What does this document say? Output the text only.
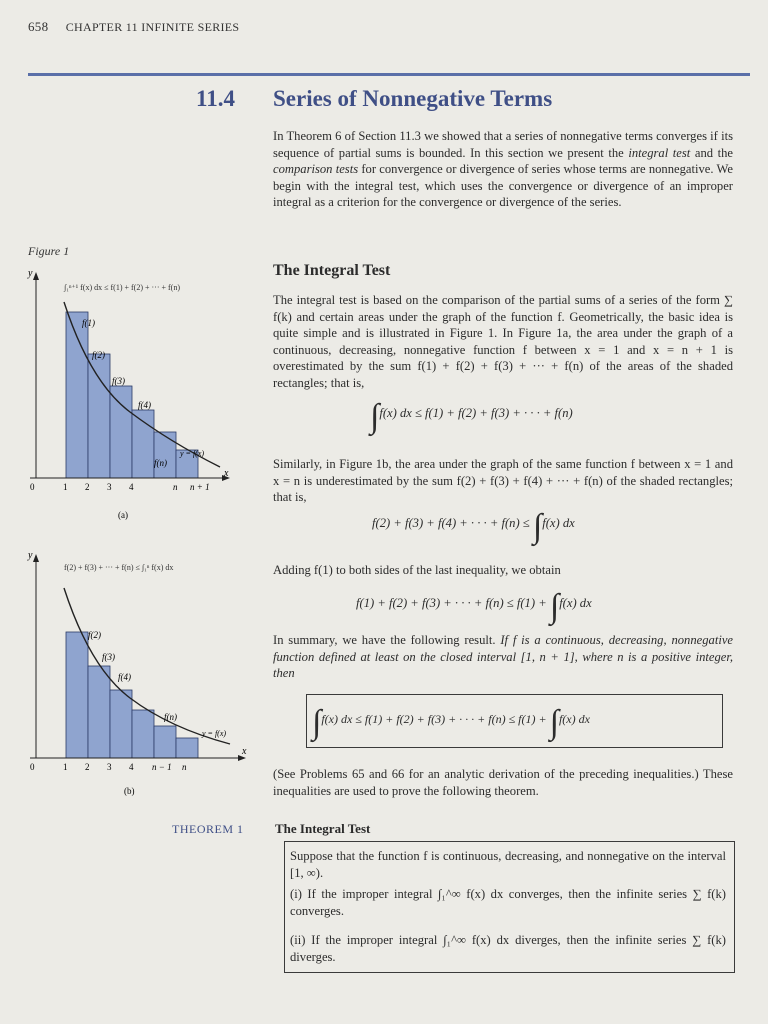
658 CHAPTER 11 INFINITE SERIES
11.4 Series of Nonnegative Terms
In Theorem 6 of Section 11.3 we showed that a series of nonnegative terms converges if its sequence of partial sums is bounded. In this section we present the integral test and the comparison tests for convergence or divergence of series whose terms are nonnegative. We begin with the integral test, which uses the convergence or divergence of an improper integral as a criterion for the convergence or divergence of the series.
Figure 1
y
x
∫₁ⁿ⁺¹ f(x) dx ≤ f(1) + f(2) + ··· + f(n)
f(1)
f(2)
f(3)
f(4)
f(n)
y = f(x)
0	1 2 3 4	n n + 1
(a)
y
x
f(2) + f(3) + ··· + f(n) ≤ ∫₁ⁿ f(x) dx
f(2)
f(3)
f(4)
f(n)
y = f(x)
0	1 2 3 4 n − 1 n
(b)
The Integral Test
The integral test is based on the comparison of the partial sums of a series of the form ∑ f(k) and certain areas under the graph of the function f. Geometrically, the basic idea is quite simple and is illustrated in Figure 1. In Figure 1a, the area under the graph of a continuous, decreasing, nonnegative function f between x = 1 and x = n + 1 is overestimated by the sum f(1) + f(2) + f(3) + ··· + f(n) of the areas of the shaded rectangles; that is,
∫f(x) dx ≤ f(1) + f(2) + f(3) + · · · + f(n)
Similarly, in Figure 1b, the area under the graph of the same function f between x = 1 and x = n is underestimated by the sum f(2) + f(3) + f(4) + ··· + f(n) of the shaded rectangles; that is,
f(2) + f(3) + f(4) + · · · + f(n) ≤ ∫f(x) dx
Adding f(1) to both sides of the last inequality, we obtain
f(1) + f(2) + f(3) + · · · + f(n) ≤ f(1) + ∫f(x) dx
In summary, we have the following result. If f is a continuous, decreasing, nonnegative function defined at least on the closed interval [1, n + 1], where n is a positive integer, then
∫f(x) dx ≤ f(1) + f(2) + f(3) + · · · + f(n) ≤ f(1) + ∫f(x) dx
(See Problems 65 and 66 for an analytic derivation of the preceding inequalities.) These inequalities are used to prove the following theorem.
THEOREM 1 The Integral Test
Suppose that the function f is continuous, decreasing, and nonnegative on the interval [1, ∞).
(i) If the improper integral ∫₁^∞ f(x) dx converges, then the infinite series ∑ f(k) converges.
(ii) If the improper integral ∫₁^∞ f(x) dx diverges, then the infinite series ∑ f(k) diverges.
